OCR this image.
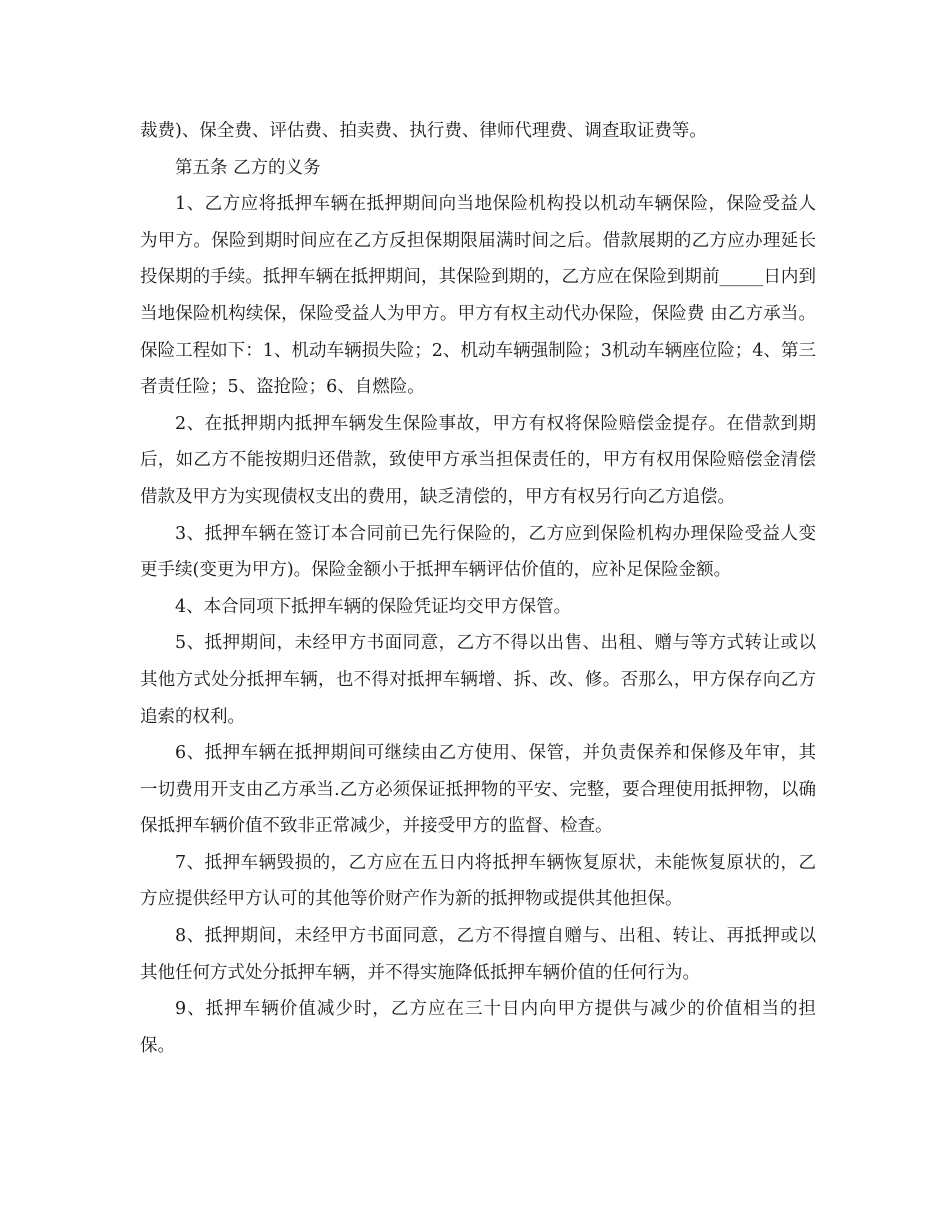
裁费)、保全费、评估费、拍卖费、执行费、律师代理费、调查取证费等。

第五条 乙方的义务

1、乙方应将抵押车辆在抵押期间向当地保险机构投以机动车辆保险，保险受益人为甲方。保险到期时间应在乙方反担保期限届满时间之后。借款展期的乙方应办理延长投保期的手续。抵押车辆在抵押期间，其保险到期的，乙方应在保险到期前_____日内到当地保险机构续保，保险受益人为甲方。甲方有权主动代办保险，保险费 由乙方承当。保险工程如下：1、机动车辆损失险；2、机动车辆强制险；3机动车辆座位险；4、第三者责任险；5、盗抢险；6、自燃险。

2、在抵押期内抵押车辆发生保险事故，甲方有权将保险赔偿金提存。在借款到期后，如乙方不能按期归还借款，致使甲方承当担保责任的，甲方有权用保险赔偿金清偿借款及甲方为实现债权支出的费用，缺乏清偿的，甲方有权另行向乙方追偿。

3、抵押车辆在签订本合同前已先行保险的，乙方应到保险机构办理保险受益人变更手续(变更为甲方)。保险金额小于抵押车辆评估价值的，应补足保险金额。

4、本合同项下抵押车辆的保险凭证均交甲方保管。

5、抵押期间，未经甲方书面同意，乙方不得以出售、出租、赠与等方式转让或以其他方式处分抵押车辆，也不得对抵押车辆增、拆、改、修。否那么，甲方保存向乙方追索的权利。

6、抵押车辆在抵押期间可继续由乙方使用、保管，并负责保养和保修及年审，其一切费用开支由乙方承当.乙方必须保证抵押物的平安、完整，要合理使用抵押物，以确保抵押车辆价值不致非正常减少，并接受甲方的监督、检查。

7、抵押车辆毁损的，乙方应在五日内将抵押车辆恢复原状，未能恢复原状的，乙方应提供经甲方认可的其他等价财产作为新的抵押物或提供其他担保。

8、抵押期间，未经甲方书面同意，乙方不得擅自赠与、出租、转让、再抵押或以其他任何方式处分抵押车辆，并不得实施降低抵押车辆价值的任何行为。

9、抵押车辆价值减少时，乙方应在三十日内向甲方提供与减少的价值相当的担保。
